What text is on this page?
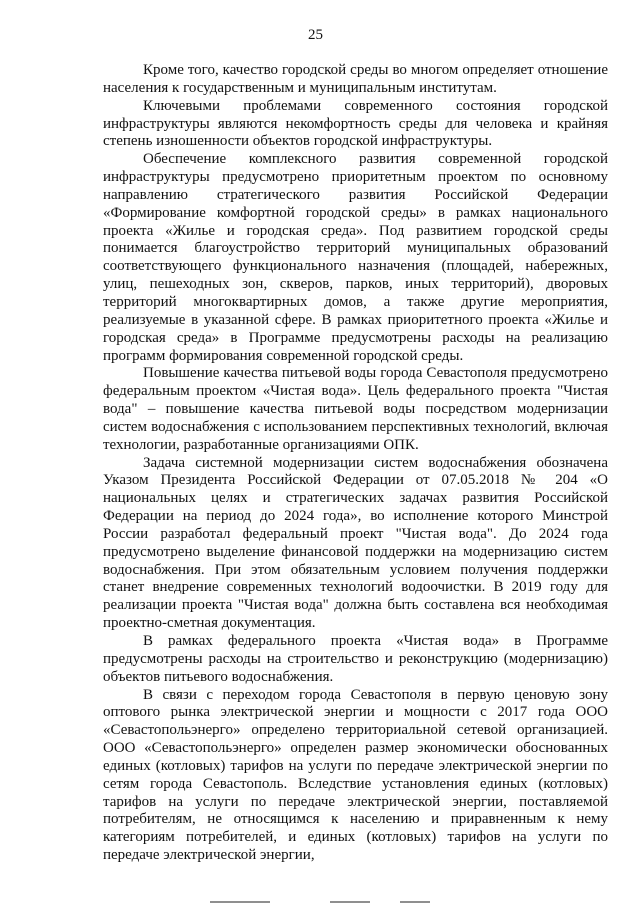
25

Кроме того, качество городской среды во многом определяет отношение населения к государственным и муниципальным институтам.

Ключевыми проблемами современного состояния городской инфраструктуры являются некомфортность среды для человека и крайняя степень изношенности объектов городской инфраструктуры.

Обеспечение комплексного развития современной городской инфраструктуры предусмотрено приоритетным проектом по основному направлению стратегического развития Российской Федерации «Формирование комфортной городской среды» в рамках национального проекта «Жилье и городская среда». Под развитием городской среды понимается благоустройство территорий муниципальных образований соответствующего функционального назначения (площадей, набережных, улиц, пешеходных зон, скверов, парков, иных территорий), дворовых территорий многоквартирных домов, а также другие мероприятия, реализуемые в указанной сфере. В рамках приоритетного проекта «Жилье и городская среда» в Программе предусмотрены расходы на реализацию программ формирования современной городской среды.

Повышение качества питьевой воды города Севастополя предусмотрено федеральным проектом «Чистая вода». Цель федерального проекта "Чистая вода" – повышение качества питьевой воды посредством модернизации систем водоснабжения с использованием перспективных технологий, включая технологии, разработанные организациями ОПК.

Задача системной модернизации систем водоснабжения обозначена Указом Президента Российской Федерации от 07.05.2018 № 204 «О национальных целях и стратегических задачах развития Российской Федерации на период до 2024 года», во исполнение которого Минстрой России разработал федеральный проект "Чистая вода". До 2024 года предусмотрено выделение финансовой поддержки на модернизацию систем водоснабжения. При этом обязательным условием получения поддержки станет внедрение современных технологий водоочистки. В 2019 году для реализации проекта "Чистая вода" должна быть составлена вся необходимая проектно-сметная документация.

В рамках федерального проекта «Чистая вода» в Программе предусмотрены расходы на строительство и реконструкцию (модернизацию) объектов питьевого водоснабжения.

В связи с переходом города Севастополя в первую ценовую зону оптового рынка электрической энергии и мощности с 2017 года ООО «Севастопольэнерго» определено территориальной сетевой организацией. ООО «Севастопольэнерго» определен размер экономически обоснованных единых (котловых) тарифов на услуги по передаче электрической энергии по сетям города Севастополь. Вследствие установления единых (котловых) тарифов на услуги по передаче электрической энергии, поставляемой потребителям, не относящимся к населению и приравненным к нему категориям потребителей, и единых (котловых) тарифов на услуги по передаче электрической энергии,
